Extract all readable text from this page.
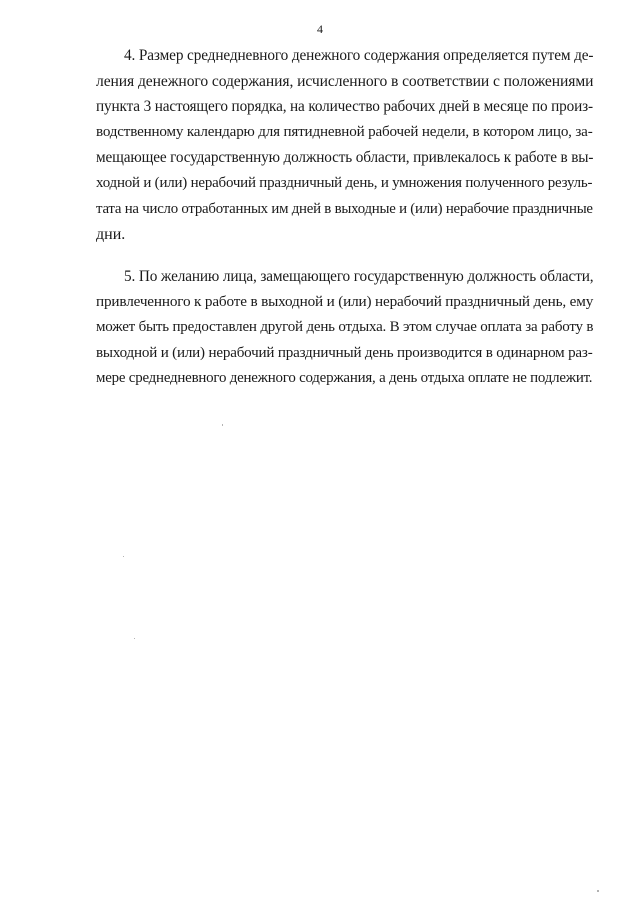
4

4. Размер среднедневного денежного содержания определяется путем де-
ления денежного содержания, исчисленного в соответствии с положениями
пункта 3 настоящего порядка, на количество рабочих дней в месяце по произ-
водственному календарю для пятидневной рабочей недели, в котором лицо, за-
мещающее государственную должность области, привлекалось к работе в вы-
ходной и (или) нерабочий праздничный день, и умножения полученного резуль-
тата на число отработанных им дней в выходные и (или) нерабочие праздничные
дни.

5. По желанию лица, замещающего государственную должность области,
привлеченного к работе в выходной и (или) нерабочий праздничный день, ему
может быть предоставлен другой день отдыха. В этом случае оплата за работу в
выходной и (или) нерабочий праздничный день производится в одинарном раз-
мере среднедневного денежного содержания, а день отдыха оплате не подлежит.
